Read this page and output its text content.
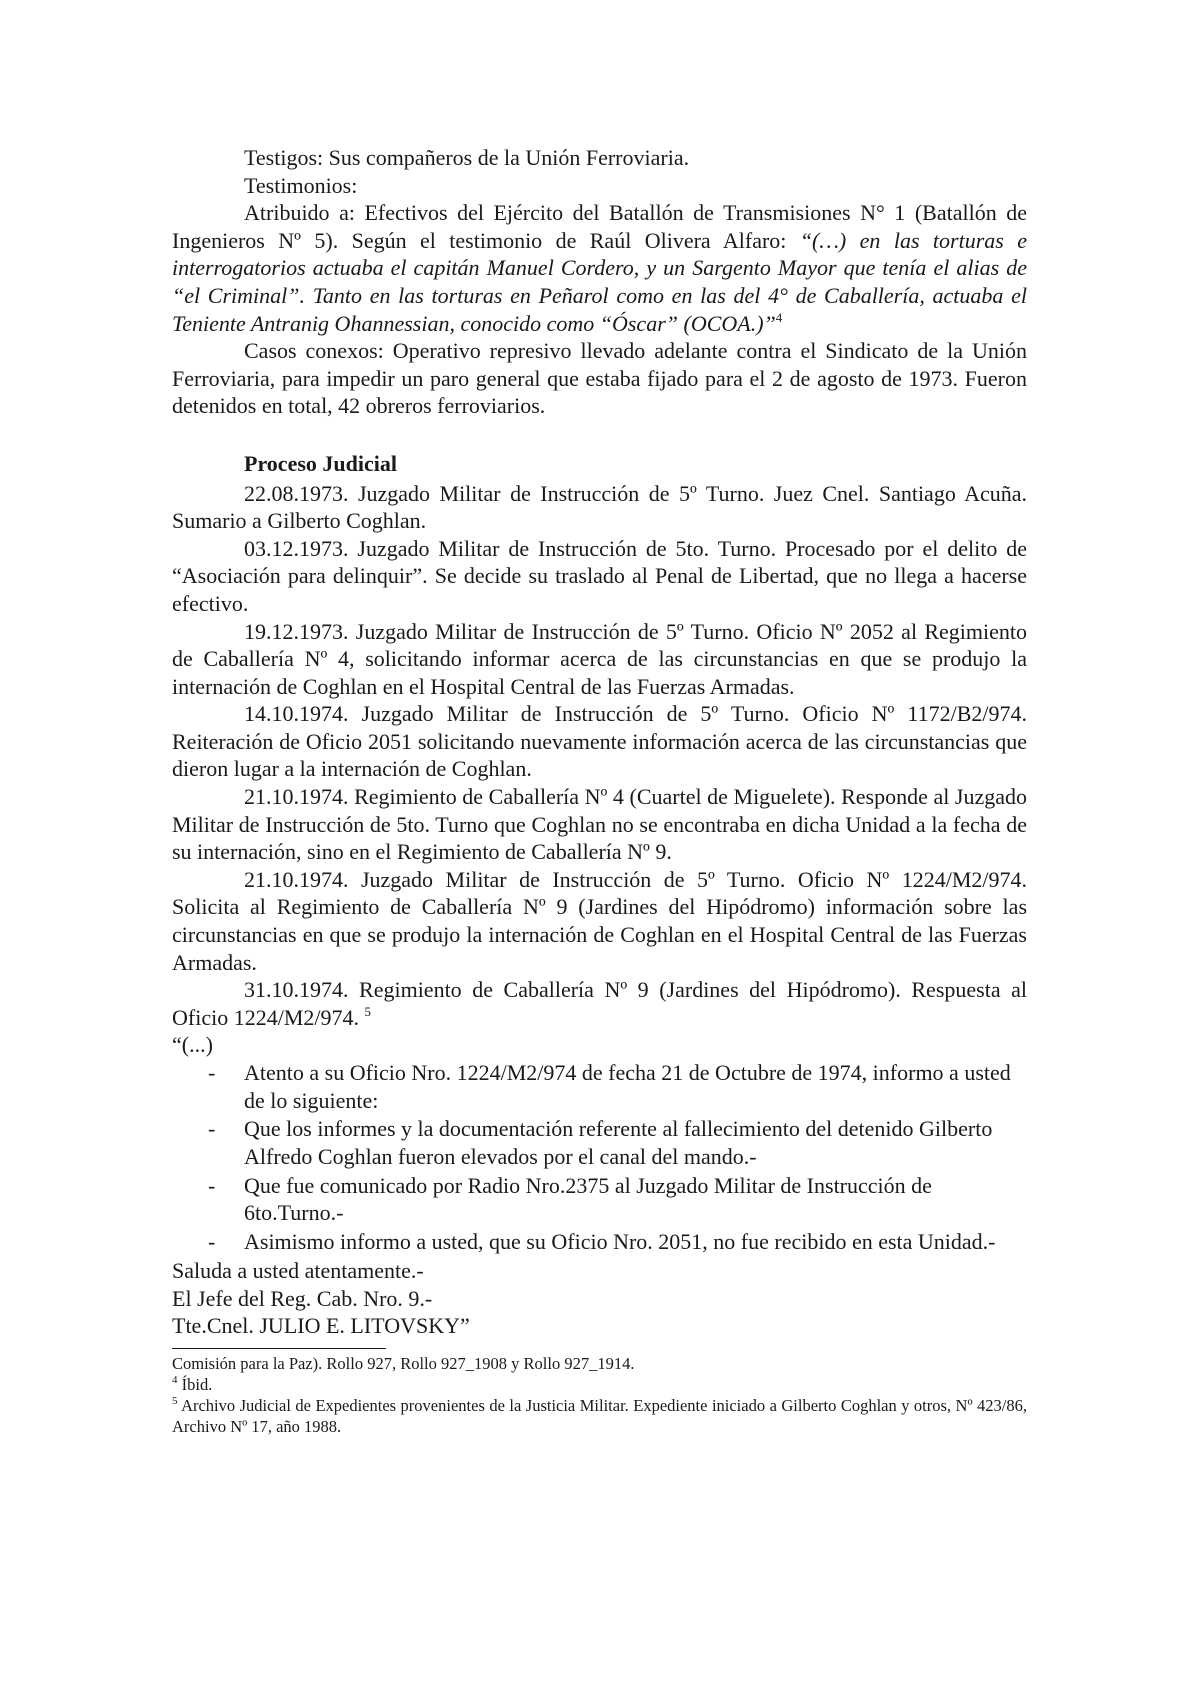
Testigos: Sus compañeros de la Unión Ferroviaria.

Testimonios:

Atribuido a: Efectivos del Ejército del Batallón de Transmisiones N° 1 (Batallón de Ingenieros Nº 5). Según el testimonio de Raúl Olivera Alfaro: “(…) en las torturas e interrogatorios actuaba el capitán Manuel Cordero, y un Sargento Mayor que tenía el alias de “el Criminal”. Tanto en las torturas en Peñarol como en las del 4° de Caballería, actuaba el Teniente Antranig Ohannessian, conocido como “Óscar” (OCOA.)”$^4$

Casos conexos: Operativo represivo llevado adelante contra el Sindicato de la Unión Ferroviaria, para impedir un paro general que estaba fijado para el 2 de agosto de 1973. Fueron detenidos en total, 42 obreros ferroviarios.

Proceso Judicial

22.08.1973. Juzgado Militar de Instrucción de 5º Turno. Juez Cnel. Santiago Acuña. Sumario a Gilberto Coghlan.

03.12.1973. Juzgado Militar de Instrucción de 5to. Turno. Procesado por el delito de “Asociación para delinquir”. Se decide su traslado al Penal de Libertad, que no llega a hacerse efectivo.

19.12.1973. Juzgado Militar de Instrucción de 5º Turno. Oficio Nº 2052 al Regimiento de Caballería Nº 4, solicitando informar acerca de las circunstancias en que se produjo la internación de Coghlan en el Hospital Central de las Fuerzas Armadas.

14.10.1974. Juzgado Militar de Instrucción de 5º Turno. Oficio Nº 1172/B2/974. Reiteración de Oficio 2051 solicitando nuevamente información acerca de las circunstancias que dieron lugar a la internación de Coghlan.

21.10.1974. Regimiento de Caballería Nº 4 (Cuartel de Miguelete). Responde al Juzgado Militar de Instrucción de 5to. Turno que Coghlan no se encontraba en dicha Unidad a la fecha de su internación, sino en el Regimiento de Caballería Nº 9.

21.10.1974. Juzgado Militar de Instrucción de 5º Turno. Oficio Nº 1224/M2/974. Solicita al Regimiento de Caballería Nº 9 (Jardines del Hipódromo) información sobre las circunstancias en que se produjo la internación de Coghlan en el Hospital Central de las Fuerzas Armadas.

31.10.1974. Regimiento de Caballería Nº 9 (Jardines del Hipódromo). Respuesta al Oficio 1224/M2/974. $^5$

“(...)

- Atento a su Oficio Nro. 1224/M2/974 de fecha 21 de Octubre de 1974, informo a usted de lo siguiente:
- Que los informes y la documentación referente al fallecimiento del detenido Gilberto Alfredo Coghlan fueron elevados por el canal del mando.-
- Que fue comunicado por Radio Nro.2375 al Juzgado Militar de Instrucción de 6to.Turno.-
- Asimismo informo a usted, que su Oficio Nro. 2051, no fue recibido en esta Unidad.-

Saluda a usted atentamente.-

El Jefe del Reg. Cab. Nro. 9.-

Tte.Cnel. JULIO E. LITOVSKY”

Comisión para la Paz). Rollo 927, Rollo 927_1908 y Rollo 927_1914.

$^4$ Íbid.

$^5$ Archivo Judicial de Expedientes provenientes de la Justicia Militar. Expediente iniciado a Gilberto Coghlan y otros, Nº 423/86, Archivo Nº 17, año 1988.
